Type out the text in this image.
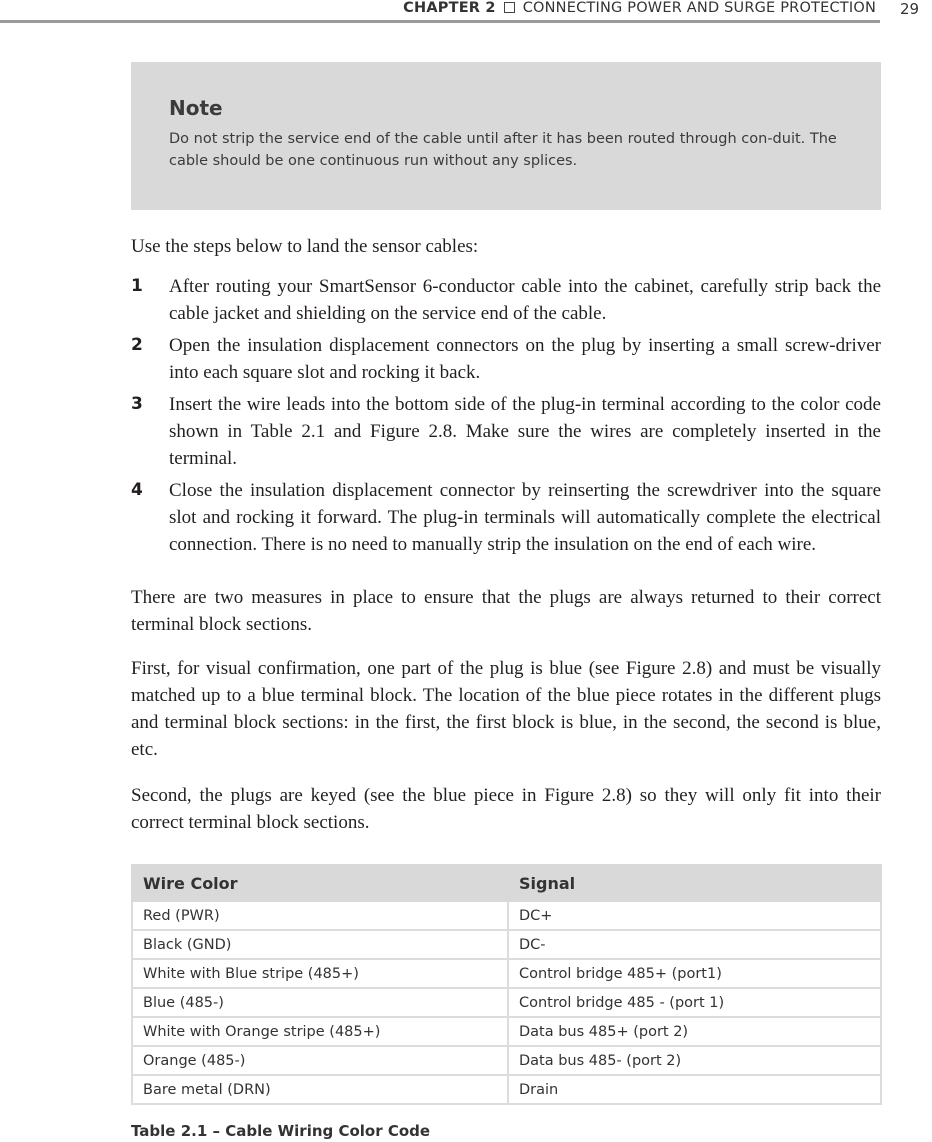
CHAPTER 2 CONNECTING POWER AND SURGE PROTECTION 29

Note

Do not strip the service end of the cable until after it has been routed through con-duit. The cable should be one continuous run without any splices.

Use the steps below to land the sensor cables:
1 After routing your SmartSensor 6-conductor cable into the cabinet, carefully strip back the cable jacket and shielding on the service end of the cable.
2 Open the insulation displacement connectors on the plug by inserting a small screw-driver into each square slot and rocking it back.
3 Insert the wire leads into the bottom side of the plug-in terminal according to the color code shown in Table 2.1 and Figure 2.8. Make sure the wires are completely inserted in the terminal.
4 Close the insulation displacement connector by reinserting the screwdriver into the square slot and rocking it forward. The plug-in terminals will automatically complete the electrical connection. There is no need to manually strip the insulation on the end of each wire.
There are two measures in place to ensure that the plugs are always returned to their correct terminal block sections.
First, for visual confirmation, one part of the plug is blue (see Figure 2.8) and must be visually matched up to a blue terminal block. The location of the blue piece rotates in the different plugs and terminal block sections: in the first, the first block is blue, in the second, the second is blue, etc.
Second, the plugs are keyed (see the blue piece in Figure 2.8) so they will only fit into their correct terminal block sections.
Wire Color	Signal
Red (PWR)	DC+
Black (GND)	DC-
White with Blue stripe (485+)	Control bridge 485+ (port1)
Blue (485-)	Control bridge 485 - (port 1)
White with Orange stripe (485+)	Data bus 485+ (port 2)
Orange (485-)	Data bus 485- (port 2)
Bare metal (DRN)	Drain
Table 2.1 – Cable Wiring Color Code
